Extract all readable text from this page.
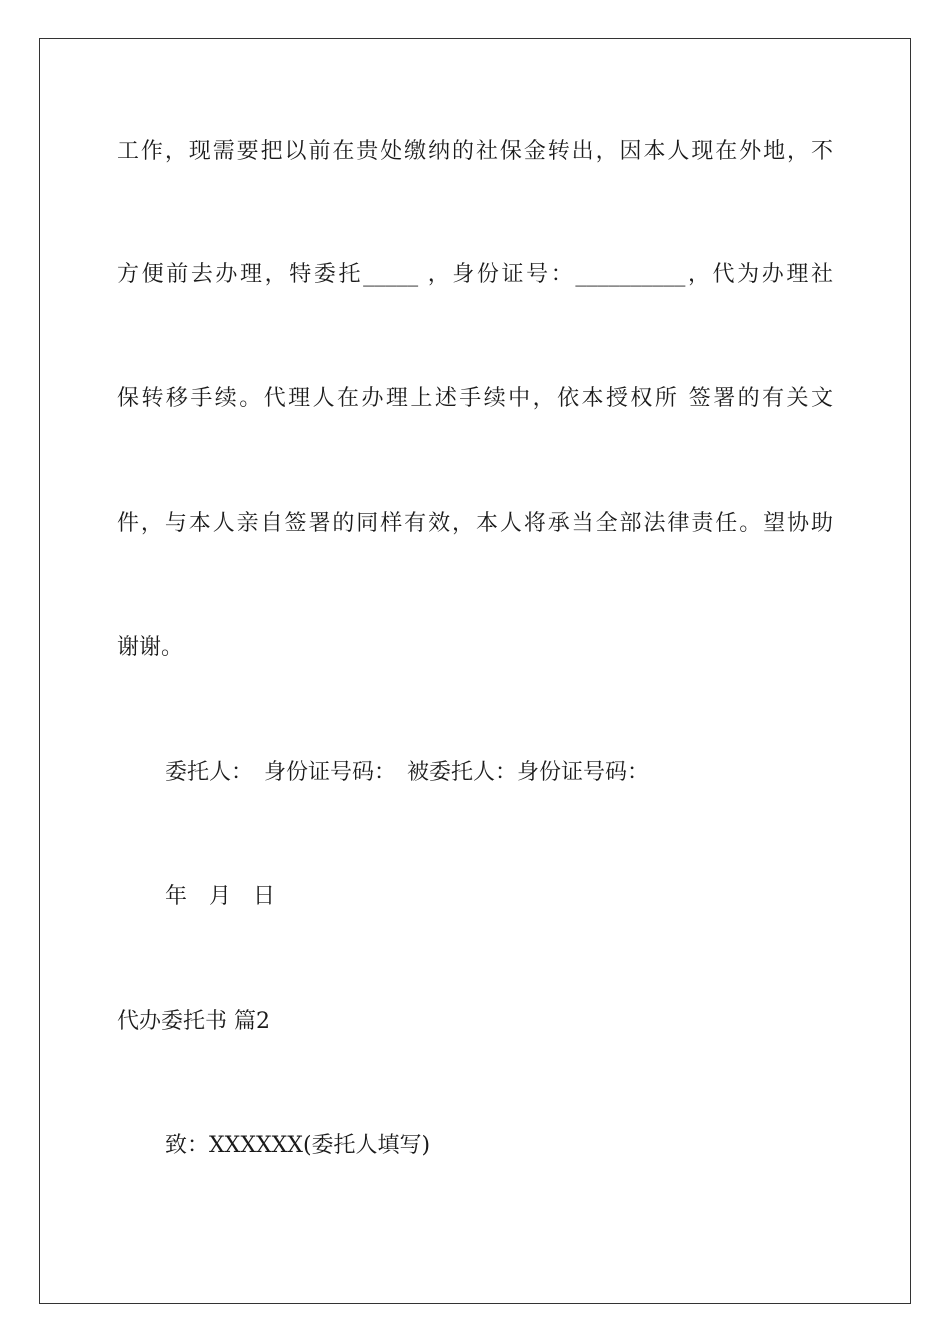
工作，现需要把以前在贵处缴纳的社保金转出，因本人现在外地，不
方便前去办理，特委托_____ ，身份证号：__________，代为办理社
保转移手续。代理人在办理上述手续中，依本授权所 签署的有关文
件，与本人亲自签署的同样有效，本人将承当全部法律责任。望协助
谢谢。
委托人：　身份证号码：　被委托人：身份证号码：
年　月　日
代办委托书 篇2
致：XXXXXX(委托人填写)
